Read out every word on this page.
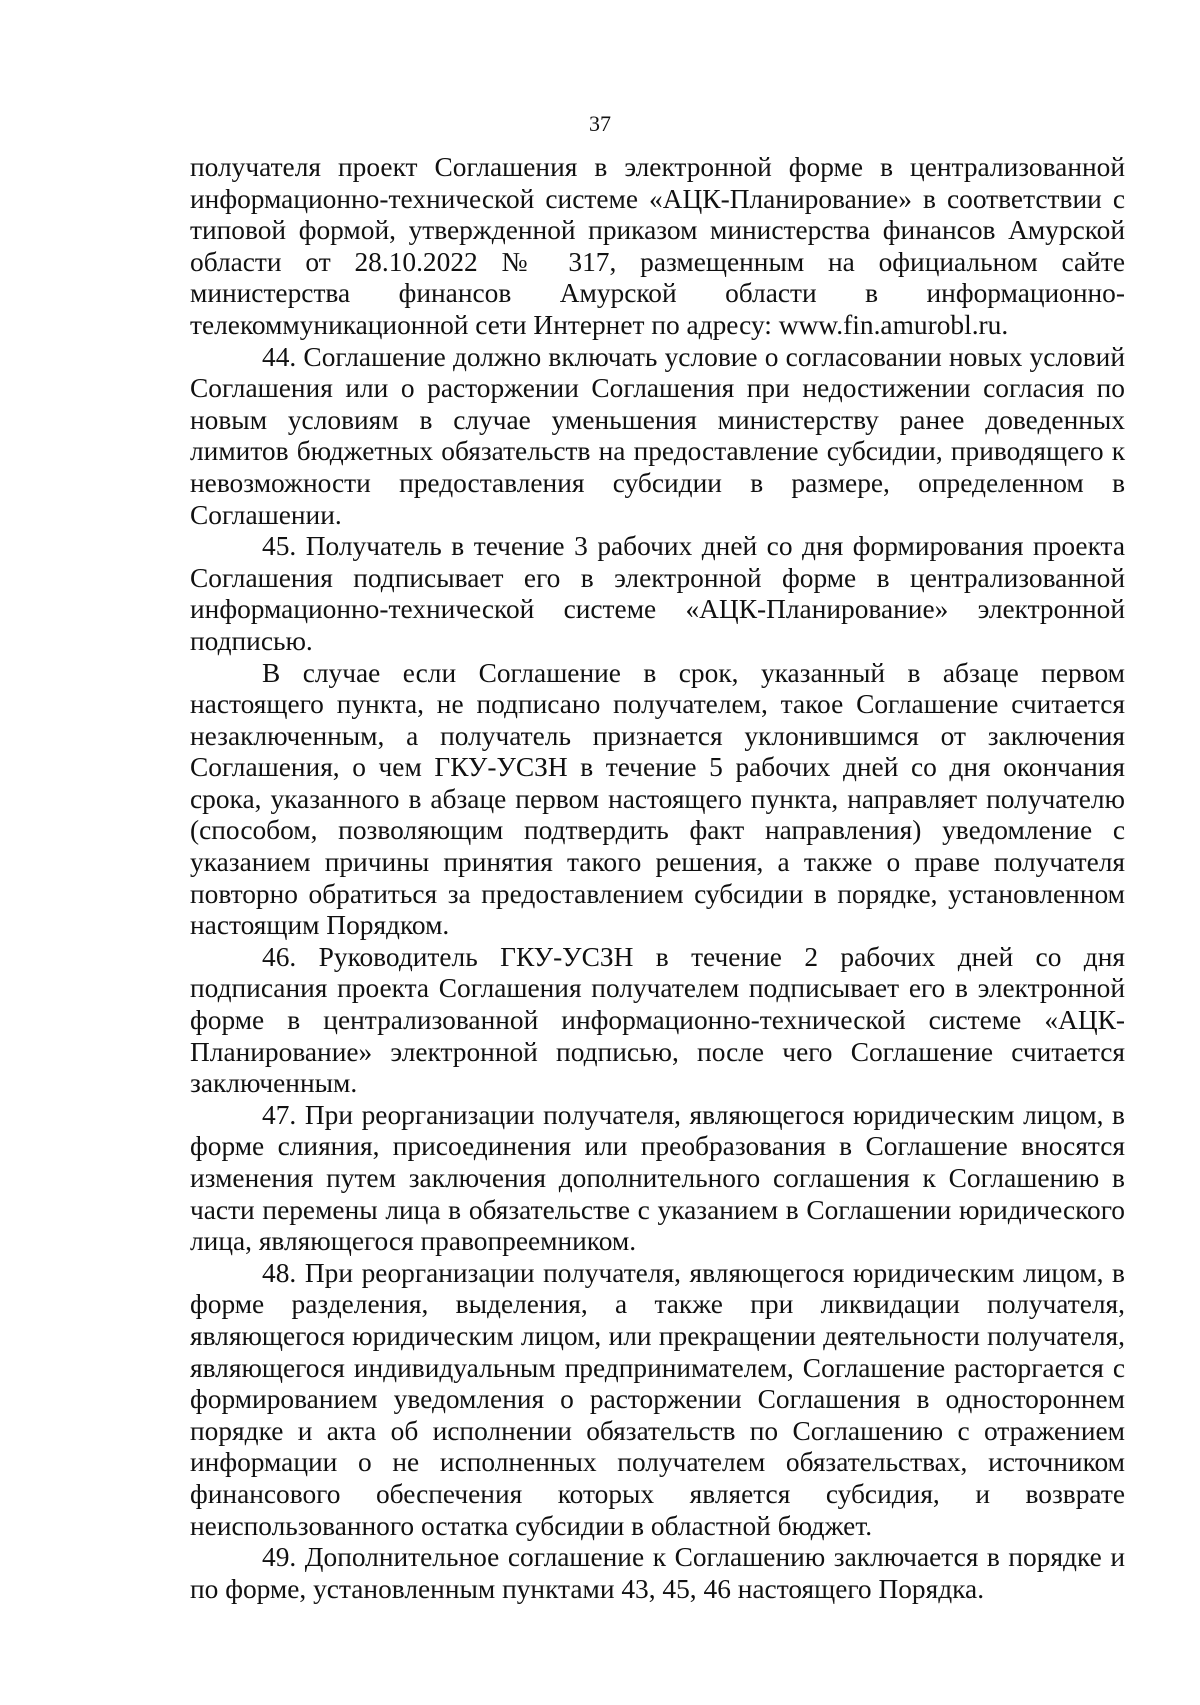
37

получателя проект Соглашения в электронной форме в централизованной информационно-технической системе «АЦК-Планирование» в соответствии с типовой формой, утвержденной приказом министерства финансов Амурской области от 28.10.2022 № 317, размещенным на официальном сайте министерства финансов Амурской области в информационно-телекоммуникационной сети Интернет по адресу: www.fin.amurobl.ru.

44. Соглашение должно включать условие о согласовании новых условий Соглашения или о расторжении Соглашения при недостижении согласия по новым условиям в случае уменьшения министерству ранее доведенных лимитов бюджетных обязательств на предоставление субсидии, приводящего к невозможности предоставления субсидии в размере, определенном в Соглашении.

45. Получатель в течение 3 рабочих дней со дня формирования проекта Соглашения подписывает его в электронной форме в централизованной информационно-технической системе «АЦК-Планирование» электронной подписью.

В случае если Соглашение в срок, указанный в абзаце первом настоящего пункта, не подписано получателем, такое Соглашение считается незаключенным, а получатель признается уклонившимся от заключения Соглашения, о чем ГКУ-УСЗН в течение 5 рабочих дней со дня окончания срока, указанного в абзаце первом настоящего пункта, направляет получателю (способом, позволяющим подтвердить факт направления) уведомление с указанием причины принятия такого решения, а также о праве получателя повторно обратиться за предоставлением субсидии в порядке, установленном настоящим Порядком.

46. Руководитель ГКУ-УСЗН в течение 2 рабочих дней со дня подписания проекта Соглашения получателем подписывает его в электронной форме в централизованной информационно-технической системе «АЦК-Планирование» электронной подписью, после чего Соглашение считается заключенным.

47. При реорганизации получателя, являющегося юридическим лицом, в форме слияния, присоединения или преобразования в Соглашение вносятся изменения путем заключения дополнительного соглашения к Соглашению в части перемены лица в обязательстве с указанием в Соглашении юридического лица, являющегося правопреемником.

48. При реорганизации получателя, являющегося юридическим лицом, в форме разделения, выделения, а также при ликвидации получателя, являющегося юридическим лицом, или прекращении деятельности получателя, являющегося индивидуальным предпринимателем, Соглашение расторгается с формированием уведомления о расторжении Соглашения в одностороннем порядке и акта об исполнении обязательств по Соглашению с отражением информации о не исполненных получателем обязательствах, источником финансового обеспечения которых является субсидия, и возврате неиспользованного остатка субсидии в областной бюджет.

49. Дополнительное соглашение к Соглашению заключается в порядке и по форме, установленным пунктами 43, 45, 46 настоящего Порядка.
